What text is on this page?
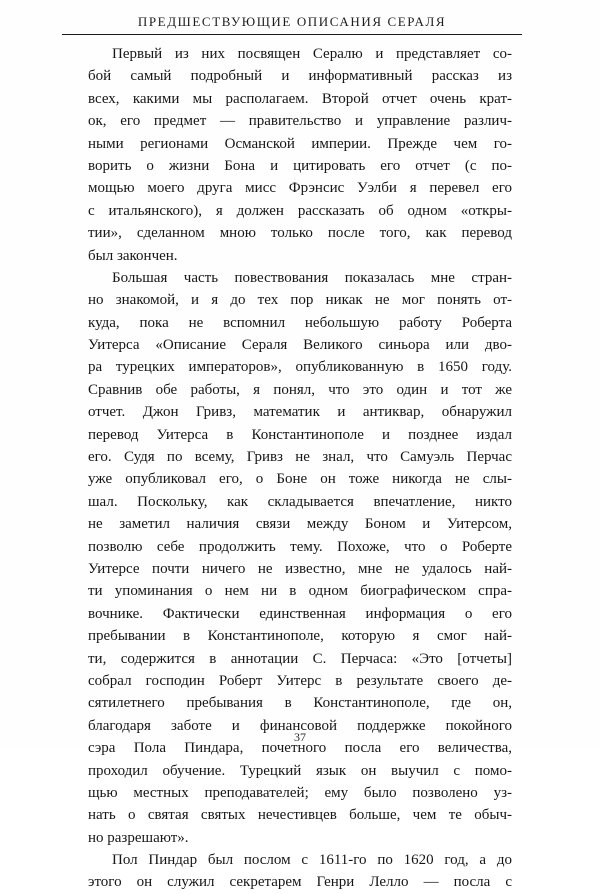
ПРЕДШЕСТВУЮЩИЕ ОПИСАНИЯ СЕРАЛЯ
Первый из них посвящен Сералю и представляет со-
бой самый подробный и информативный рассказ из
всех, какими мы располагаем. Второй отчет очень крат-
ок, его предмет — правительство и управление различ-
ными регионами Османской империи. Прежде чем го-
ворить о жизни Бона и цитировать его отчет (с по-
мощью моего друга мисс Фрэнсис Уэлби я перевел его
с итальянского), я должен рассказать об одном «откры-
тии», сделанном мною только после того, как перевод
был закончен.
Большая часть повествования показалась мне стран-
но знакомой, и я до тех пор никак не мог понять от-
куда, пока не вспомнил небольшую работу Роберта
Уитерса «Описание Сераля Великого синьора или дво-
ра турецких императоров», опубликованную в 1650 году.
Сравнив обе работы, я понял, что это один и тот же
отчет. Джон Гривз, математик и антиквар, обнаружил
перевод Уитерса в Константинополе и позднее издал
его. Судя по всему, Гривз не знал, что Самуэль Перчас
уже опубликовал его, о Боне он тоже никогда не слы-
шал. Поскольку, как складывается впечатление, никто
не заметил наличия связи между Боном и Уитерсом,
позволю себе продолжить тему. Похоже, что о Роберте
Уитерсе почти ничего не известно, мне не удалось най-
ти упоминания о нем ни в одном биографическом спра-
вочнике. Фактически единственная информация о его
пребывании в Константинополе, которую я смог най-
ти, содержится в аннотации С. Перчаса: «Это [отчеты]
собрал господин Роберт Уитерс в результате своего де-
сятилетнего пребывания в Константинополе, где он,
благодаря заботе и финансовой поддержке покойного
сэра Пола Пиндара, почетного посла его величества,
проходил обучение. Турецкий язык он выучил с помо-
щью местных преподавателей; ему было позволено уз-
нать о святая святых нечестивцев больше, чем те обыч-
но разрешают».
Пол Пиндар был послом с 1611-го по 1620 год, а до
этого он служил секретарем Генри Лелло — посла с
37
